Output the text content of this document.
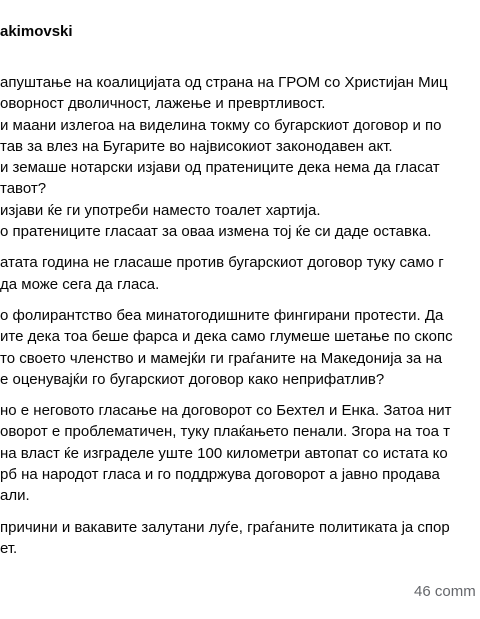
akimovski
апуштање на коалицијата од страна на ГРОМ со Христијан Миц
оворност дволичност, лажење и превртливост.
и маани излегоа на виделина токму со бугарскиот договор и по
тав за влез на Бугарите во највисокиот законодавен акт.
и земаше нотарски изјави од пратениците дека нема да гласат
тавот?
изјави ќе ги употреби наместо тоалет хартија.
о пратениците гласаат за оваа измена тој ќе си даде оставка.
атата година не гласаше против бугарскиот договор туку само г
да може сега да гласа.
о фолирантство беа минатогодишните фингирани протести. Да
ите дека тоа беше фарса и дека само глумеше шетање по скопс
то своето членство и мамејќи ги граѓаните на Македонија за на
е оценувајќи го бугарскиот договор како неприфатлив?
но е неговото гласање на договорот со Бехтел и Енка. Затоа нит
оворот е проблематичен, туку плаќањето пенали. Згора на тоа т
на власт ќе изграделе уште 100 километри автопат со истата ко
рб на народот гласа и го поддржува договорот а јавно продава
али.
причини и вакавите залутани луѓе, граѓаните политиката ја спор
ет.
46 comm
